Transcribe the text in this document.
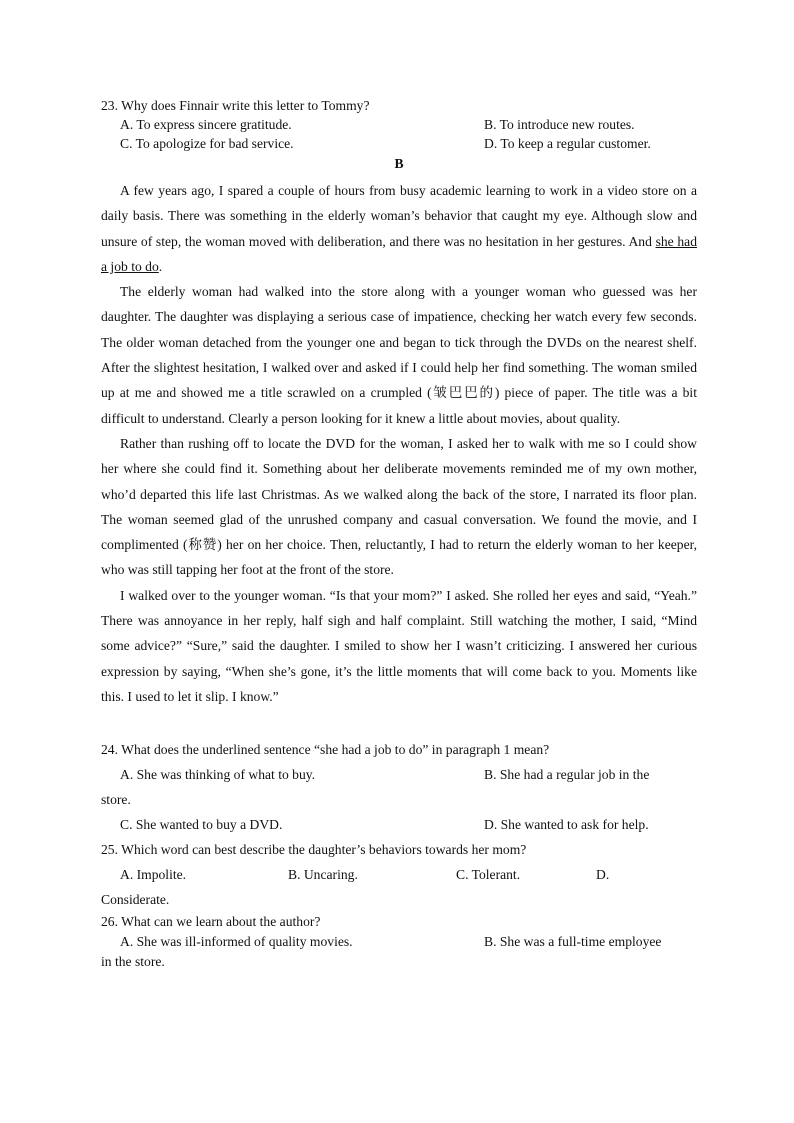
23. Why does Finnair write this letter to Tommy?
A. To express sincere gratitude.	B. To introduce new routes.
C. To apologize for bad service.	D. To keep a regular customer.
B

A few years ago, I spared a couple of hours from busy academic learning to work in a video store on a daily basis. There was something in the elderly woman’s behavior that caught my eye. Although slow and unsure of step, the woman moved with deliberation, and there was no hesitation in her gestures. And she had a job to do.

The elderly woman had walked into the store along with a younger woman who guessed was her daughter. The daughter was displaying a serious case of impatience, checking her watch every few seconds. The older woman detached from the younger one and began to tick through the DVDs on the nearest shelf. After the slightest hesitation, I walked over and asked if I could help her find something. The woman smiled up at me and showed me a title scrawled on a crumpled (皱巴巴的) piece of paper. The title was a bit difficult to understand. Clearly a person looking for it knew a little about movies, about quality.

Rather than rushing off to locate the DVD for the woman, I asked her to walk with me so I could show her where she could find it. Something about her deliberate movements reminded me of my own mother, who’d departed this life last Christmas. As we walked along the back of the store, I narrated its floor plan. The woman seemed glad of the unrushed company and casual conversation. We found the movie, and I complimented (称赞) her on her choice. Then, reluctantly, I had to return the elderly woman to her keeper, who was still tapping her foot at the front of the store.

I walked over to the younger woman. “Is that your mom?” I asked. She rolled her eyes and said, “Yeah.” There was annoyance in her reply, half sigh and half complaint. Still watching the mother, I said, “Mind some advice?” “Sure,” said the daughter. I smiled to show her I wasn’t criticizing. I answered her curious expression by saying, “When she’s gone, it’s the little moments that will come back to you. Moments like this. I used to let it slip. I know.”

24. What does the underlined sentence “she had a job to do” in paragraph 1 mean?
A. She was thinking of what to buy.	B. She had a regular job in the
store.
C. She wanted to buy a DVD.	D. She wanted to ask for help.
25. Which word can best describe the daughter’s behaviors towards her mom?
A. Impolite.	B. Uncaring.	C. Tolerant.	D.
Considerate.
26. What can we learn about the author?
A. She was ill-informed of quality movies.	B. She was a full-time employee
in the store.
